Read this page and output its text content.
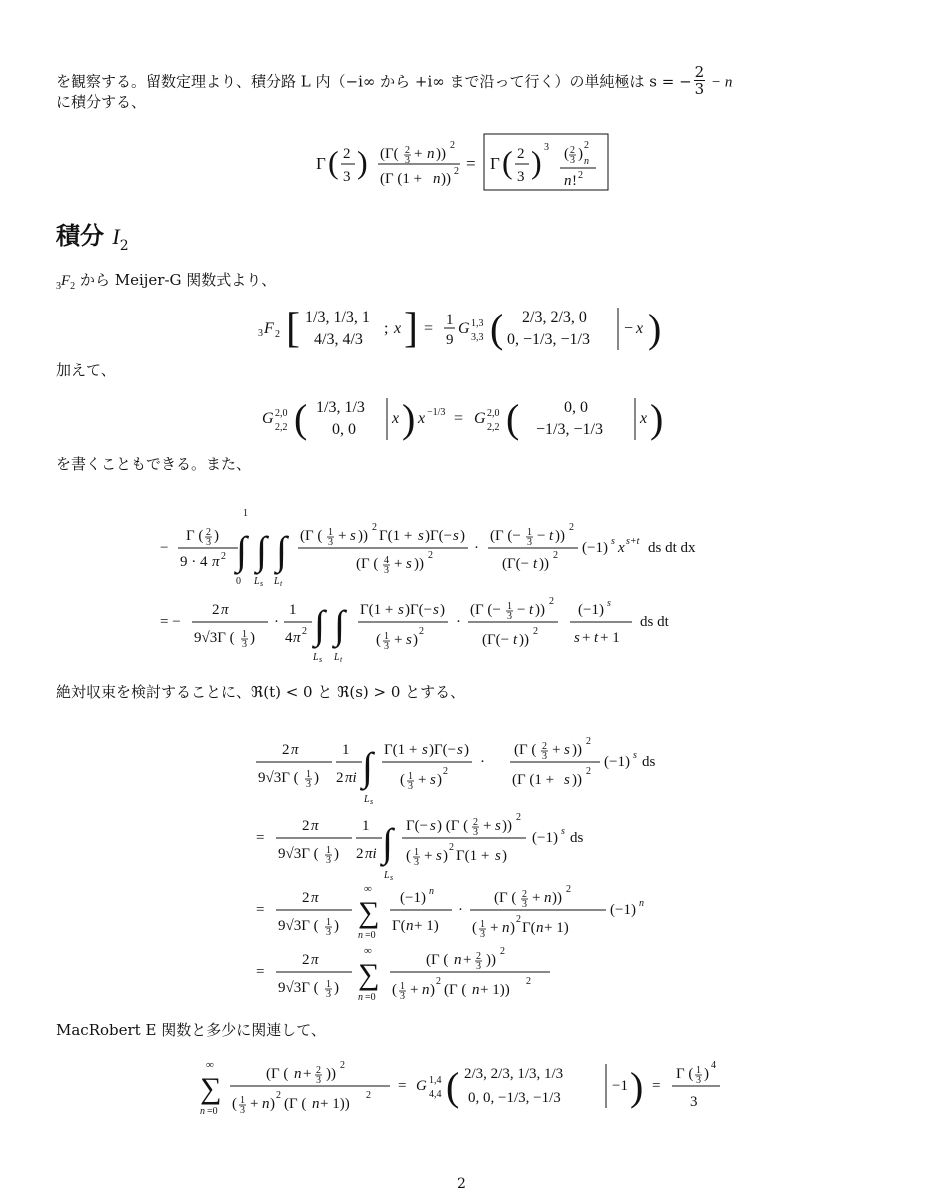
を観察する。留数定理より、積分路 L 内（−i∞ から +i∞ まで沿って行く）の単純極は s = − $\frac{2}{3} - n$
に積分する、
Γ ( 2
3 ) (Γ( 2
3 + n ))
2
(Γ (1 + n )) 2 = Γ ( 2
3 ) 3 ( 2
3 )
2
n
n ! 2
積分 $I_2$
$_3F_2$ から Meijer-G 関数式より、
3 F 2 [ 1/3, 1/3, 1
4/3, 4/3
; x ] = 1
9
G 1,3
3,3 ( 2/3, 2/3, 0
0, −1/3, −1/3
− x )
加えて、
G 2,0
2,2 ( 1/3, 1/3
0, 0
x ) x −1/3 = G 2,0
2,2 (	0, 0
−1/3, −1/3
x )
を書くこともできる。また、
−
Γ ( 2
3 )
9 · 4 π 2
1
∫ ∫ ∫
0 L s L t
(Γ ( 1
3 + s ))
2
Γ(1 + s )Γ(− s )
(Γ ( 4
3 + s ))
2	·
(Γ (− 1
3 − t ))
2
(Γ(− t ))
2 (−1) s x s+t ds dt dx
= −
2 π
9√3Γ ( 1
3 )
·
1
4 π 2 ∫ ∫
L s L t
Γ(1 + s )Γ(− s )
( 1
3 + s )
2
·
(Γ (− 1
3 − t ))
2
(Γ(− t ))
2
(−1) s
s + t + 1
ds dt
絶対収束を検討することに、ℜ(t) < 0 と ℜ(s) > 0 とする、
2 π
9√3Γ ( 1
3 )
1
2 πi ∫
L s
Γ(1 + s )Γ(− s )
( 1
3 + s )
2
·
(Γ ( 2
3 + s ))
2
(Γ (1 + s ))
2
(−1) s ds
=
2 π
9√3Γ ( 1
3 )
1
2 πi ∫
L s
Γ(− s ) (Γ ( 2
3 + s ))
2
( 1
3 + s )
2
Γ(1 + s )
(−1) s ds
=
2 π
9√3Γ ( 1
3 )
∞
∑
n =0
(−1) n
Γ( n + 1)
·
(Γ ( 2
3 + n ))
2
( 1
3 + n )
2
Γ( n + 1)
(−1) n
=
2 π
9√3Γ ( 1
3 )
∞
∑
n =0
(Γ ( n + 2
3 ))
2
( 1
3 + n )
2
(Γ ( n + 1))
2
MacRobert E 関数と多少に関連して、
∞
∑
n =0
(Γ ( n + 2
3 ))
2
( 1
3 + n )
2
(Γ ( n + 1))
2
= G 1,4
4,4 ( 2/3, 2/3, 1/3, 1/3
0, 0, −1/3, −1/3
−1 ) =
Γ ( 1
3 )
4
3
2
